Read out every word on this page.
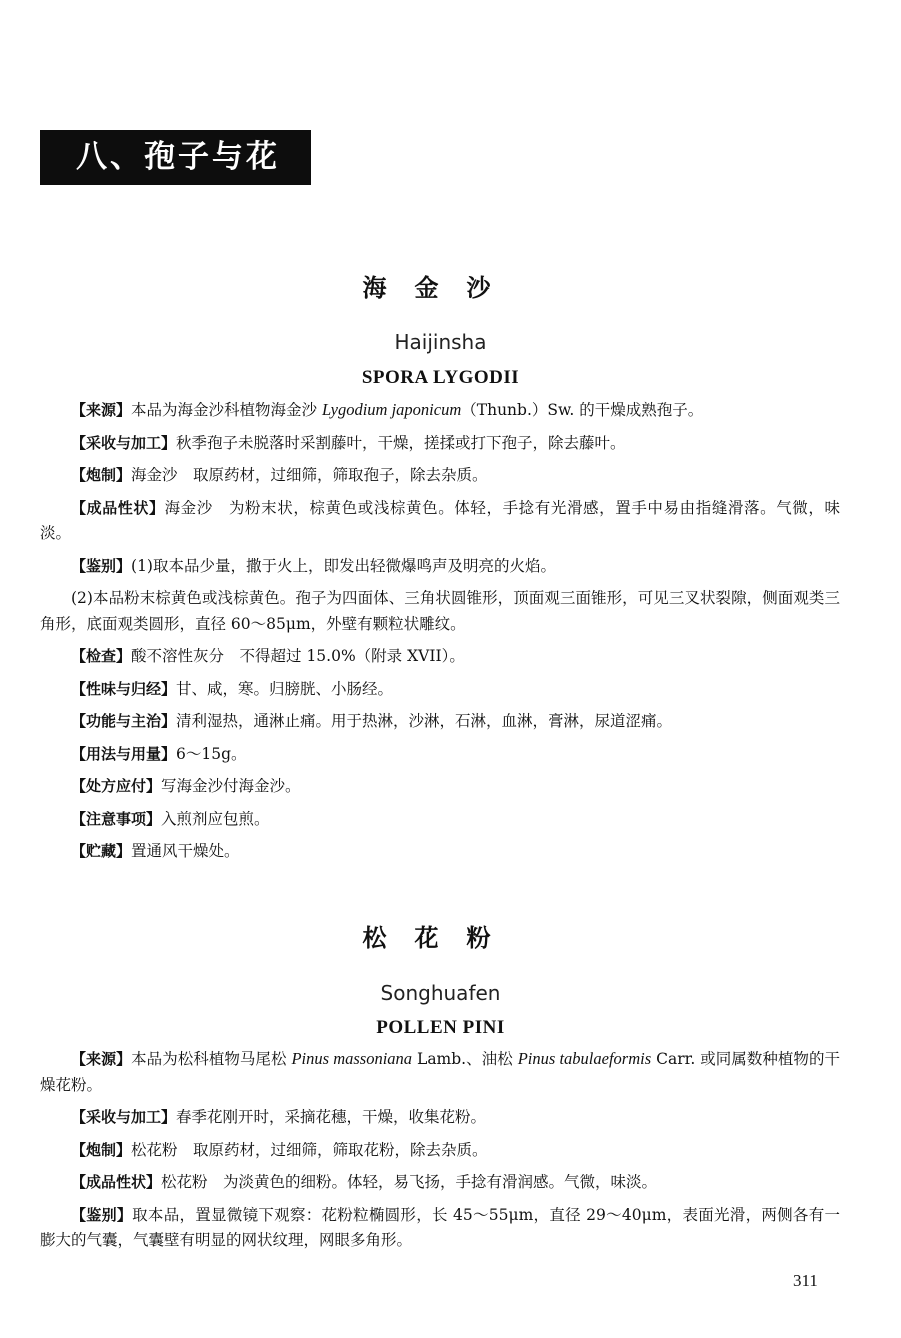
八、孢子与花类
海金沙
Haijinsha
SPORA LYGODII

【来源】本品为海金沙科植物海金沙 Lygodium japonicum（Thunb.）Sw. 的干燥成熟孢子。

【采收与加工】秋季孢子未脱落时采割藤叶，干燥，搓揉或打下孢子，除去藤叶。

【炮制】海金沙　取原药材，过细筛，筛取孢子，除去杂质。

【成品性状】海金沙　为粉末状，棕黄色或浅棕黄色。体轻，手捻有光滑感，置手中易由指缝滑落。气微，味淡。

【鉴别】(1)取本品少量，撒于火上，即发出轻微爆鸣声及明亮的火焰。

(2)本品粉末棕黄色或浅棕黄色。孢子为四面体、三角状圆锥形，顶面观三面锥形，可见三叉状裂隙，侧面观类三角形，底面观类圆形，直径 60～85μm，外壁有颗粒状雕纹。

【检查】酸不溶性灰分　不得超过 15.0%（附录 XVII）。

【性味与归经】甘、咸，寒。归膀胱、小肠经。

【功能与主治】清利湿热，通淋止痛。用于热淋，沙淋，石淋，血淋，膏淋，尿道涩痛。

【用法与用量】6～15g。

【处方应付】写海金沙付海金沙。

【注意事项】入煎剂应包煎。

【贮藏】置通风干燥处。

松花粉
Songhuafen
POLLEN PINI

【来源】本品为松科植物马尾松 Pinus massoniana Lamb.、油松 Pinus tabulaeformis Carr. 或同属数种植物的干燥花粉。

【采收与加工】春季花刚开时，采摘花穗，干燥，收集花粉。

【炮制】松花粉　取原药材，过细筛，筛取花粉，除去杂质。

【成品性状】松花粉　为淡黄色的细粉。体轻，易飞扬，手捻有滑润感。气微，味淡。

【鉴别】取本品，置显微镜下观察：花粉粒椭圆形，长 45～55μm，直径 29～40μm，表面光滑，两侧各有一膨大的气囊，气囊壁有明显的网状纹理，网眼多角形。

311
